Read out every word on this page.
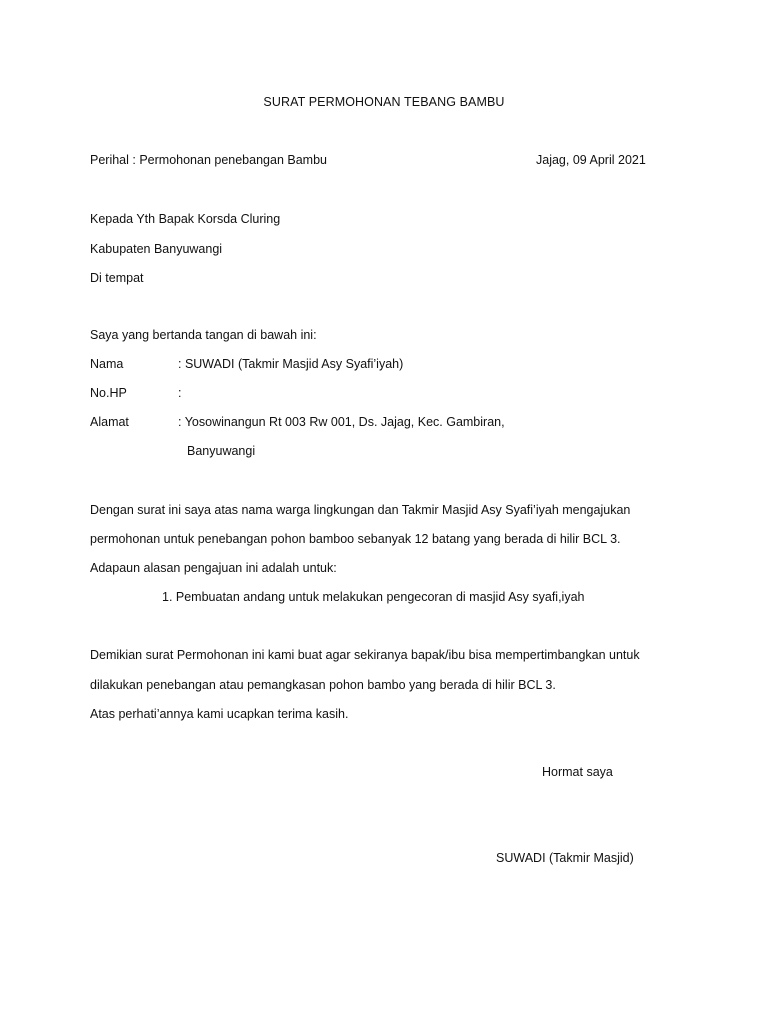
SURAT PERMOHONAN TEBANG BAMBU
Perihal : Permohonan penebangan Bambu	Jajag, 09 April 2021
Kepada Yth Bapak Korsda Cluring
Kabupaten Banyuwangi
Di tempat
Saya yang bertanda tangan di bawah ini:
Nama	: SUWADI (Takmir Masjid Asy Syafi’iyah)
No.HP	:
Alamat	: Yosowinangun Rt 003 Rw 001, Ds. Jajag, Kec. Gambiran,
Banyuwangi
Dengan surat ini saya atas nama warga lingkungan dan Takmir Masjid Asy Syafi’iyah mengajukan
permohonan untuk penebangan pohon bamboo sebanyak 12 batang yang berada di hilir BCL 3.
Adapaun alasan pengajuan ini adalah untuk:
1. Pembuatan andang untuk melakukan pengecoran di masjid Asy syafi,iyah
Demikian surat Permohonan ini kami buat agar sekiranya bapak/ibu bisa mempertimbangkan untuk
dilakukan penebangan atau pemangkasan pohon bambo yang berada di hilir BCL 3.
Atas perhati’annya kami ucapkan terima kasih.
Hormat saya
SUWADI (Takmir Masjid)
